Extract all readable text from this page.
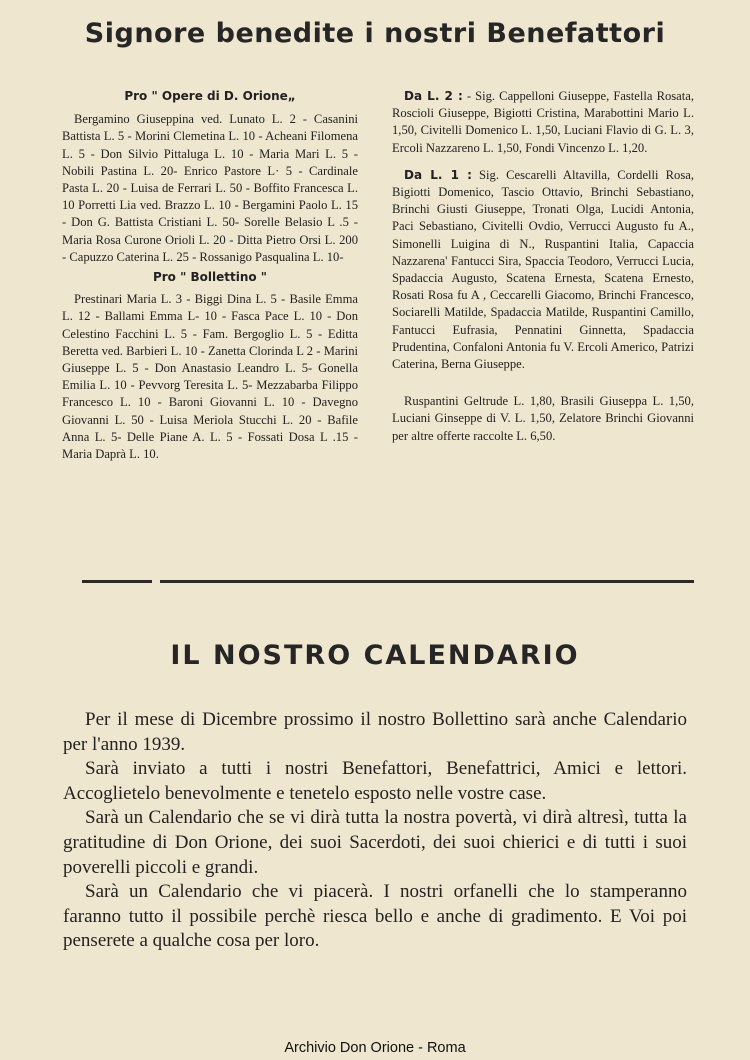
Signore benedite i nostri Benefattori
Pro " Opere di D. Orione„

Bergamino Giuseppina ved. Lunato L. 2 - Casanini Battista L. 5 - Morini Clemetina L. 10 - Acheani Filomena L. 5 - Don Silvio Pittaluga L. 10 - Maria Mari L. 5 - Nobili Pastina L. 20- Enrico Pastore L· 5 - Cardinale Pasta L. 20 - Luisa de Ferrari L. 50 - Boffito Francesca L. 10 Porretti Lia ved. Brazzo L. 10 - Bergamini Paolo L. 15 - Don G. Battista Cristiani L. 50- Sorelle Belasio L .5 - Maria Rosa Curone Orioli L. 20 - Ditta Pietro Orsi L. 200 - Capuzzo Caterina L. 25 - Rossanigo Pasqualina L. 10-

Pro " Bollettino "

Prestinari Maria L. 3 - Biggi Dina L. 5 - Basile Emma L. 12 - Ballami Emma L- 10 - Fasca Pace L. 10 - Don Celestino Facchini L. 5 - Fam. Bergoglio L. 5 - Editta Beretta ved. Barbieri L. 10 - Zanetta Clorinda L 2 - Marini Giuseppe L. 5 - Don Anastasio Leandro L. 5- Gonella Emilia L. 10 - Pevvorg Teresita L. 5- Mezzabarba Filippo Francesco L. 10 - Baroni Giovanni L. 10 - Davegno Giovanni L. 50 - Luisa Meriola Stucchi L. 20 - Bafile Anna L. 5- Delle Piane A. L. 5 - Fossati Dosa L .15 - Maria Daprà L. 10.

Da L. 2 : - Sig. Cappelloni Giuseppe, Fastella Rosata, Roscioli Giuseppe, Bigiotti Cristina, Marabottini Mario L. 1,50, Civitelli Domenico L. 1,50, Luciani Flavio di G. L. 3, Ercoli Nazzareno L. 1,50, Fondi Vincenzo L. 1,20.

Da L. 1 : Sig. Cescarelli Altavilla, Cordelli Rosa, Bigiotti Domenico, Tascio Ottavio, Brinchi Sebastiano, Brinchi Giusti Giuseppe, Tronati Olga, Lucidi Antonia, Paci Sebastiano, Civitelli Ovdio, Verrucci Augusto fu A., Simonelli Luigina di N., Ruspantini Italia, Capaccia Nazzarena' Fantucci Sira, Spaccia Teodoro, Verrucci Lucia, Spadaccia Augusto, Scatena Ernesta, Scatena Ernesto, Rosati Rosa fu A , Ceccarelli Giacomo, Brinchi Francesco, Sociarelli Matilde, Spadaccia Matilde, Ruspantini Camillo, Fantucci Eufrasia, Pennatini Ginnetta, Spadaccia Prudentina, Confaloni Antonia fu V. Ercoli Americo, Patrizi Caterina, Berna Giuseppe.

Ruspantini Geltrude L. 1,80, Brasili Giuseppa L. 1,50, Luciani Ginseppe di V. L. 1,50, Zelatore Brinchi Giovanni per altre offerte raccolte L. 6,50.

IL NOSTRO CALENDARIO

Per il mese di Dicembre prossimo il nostro Bollettino sarà anche Calendario per l'anno 1939.

Sarà inviato a tutti i nostri Benefattori, Benefattrici, Amici e lettori. Accoglietelo benevolmente e tenetelo esposto nelle vostre case.

Sarà un Calendario che se vi dirà tutta la nostra povertà, vi dirà altresì, tutta la gratitudine di Don Orione, dei suoi Sacerdoti, dei suoi chierici e di tutti i suoi poverelli piccoli e grandi.

Sarà un Calendario che vi piacerà. I nostri orfanelli che lo stamperanno faranno tutto il possibile perchè riesca bello e anche di gradimento. E Voi poi penserete a qualche cosa per loro.

Archivio Don Orione - Roma
